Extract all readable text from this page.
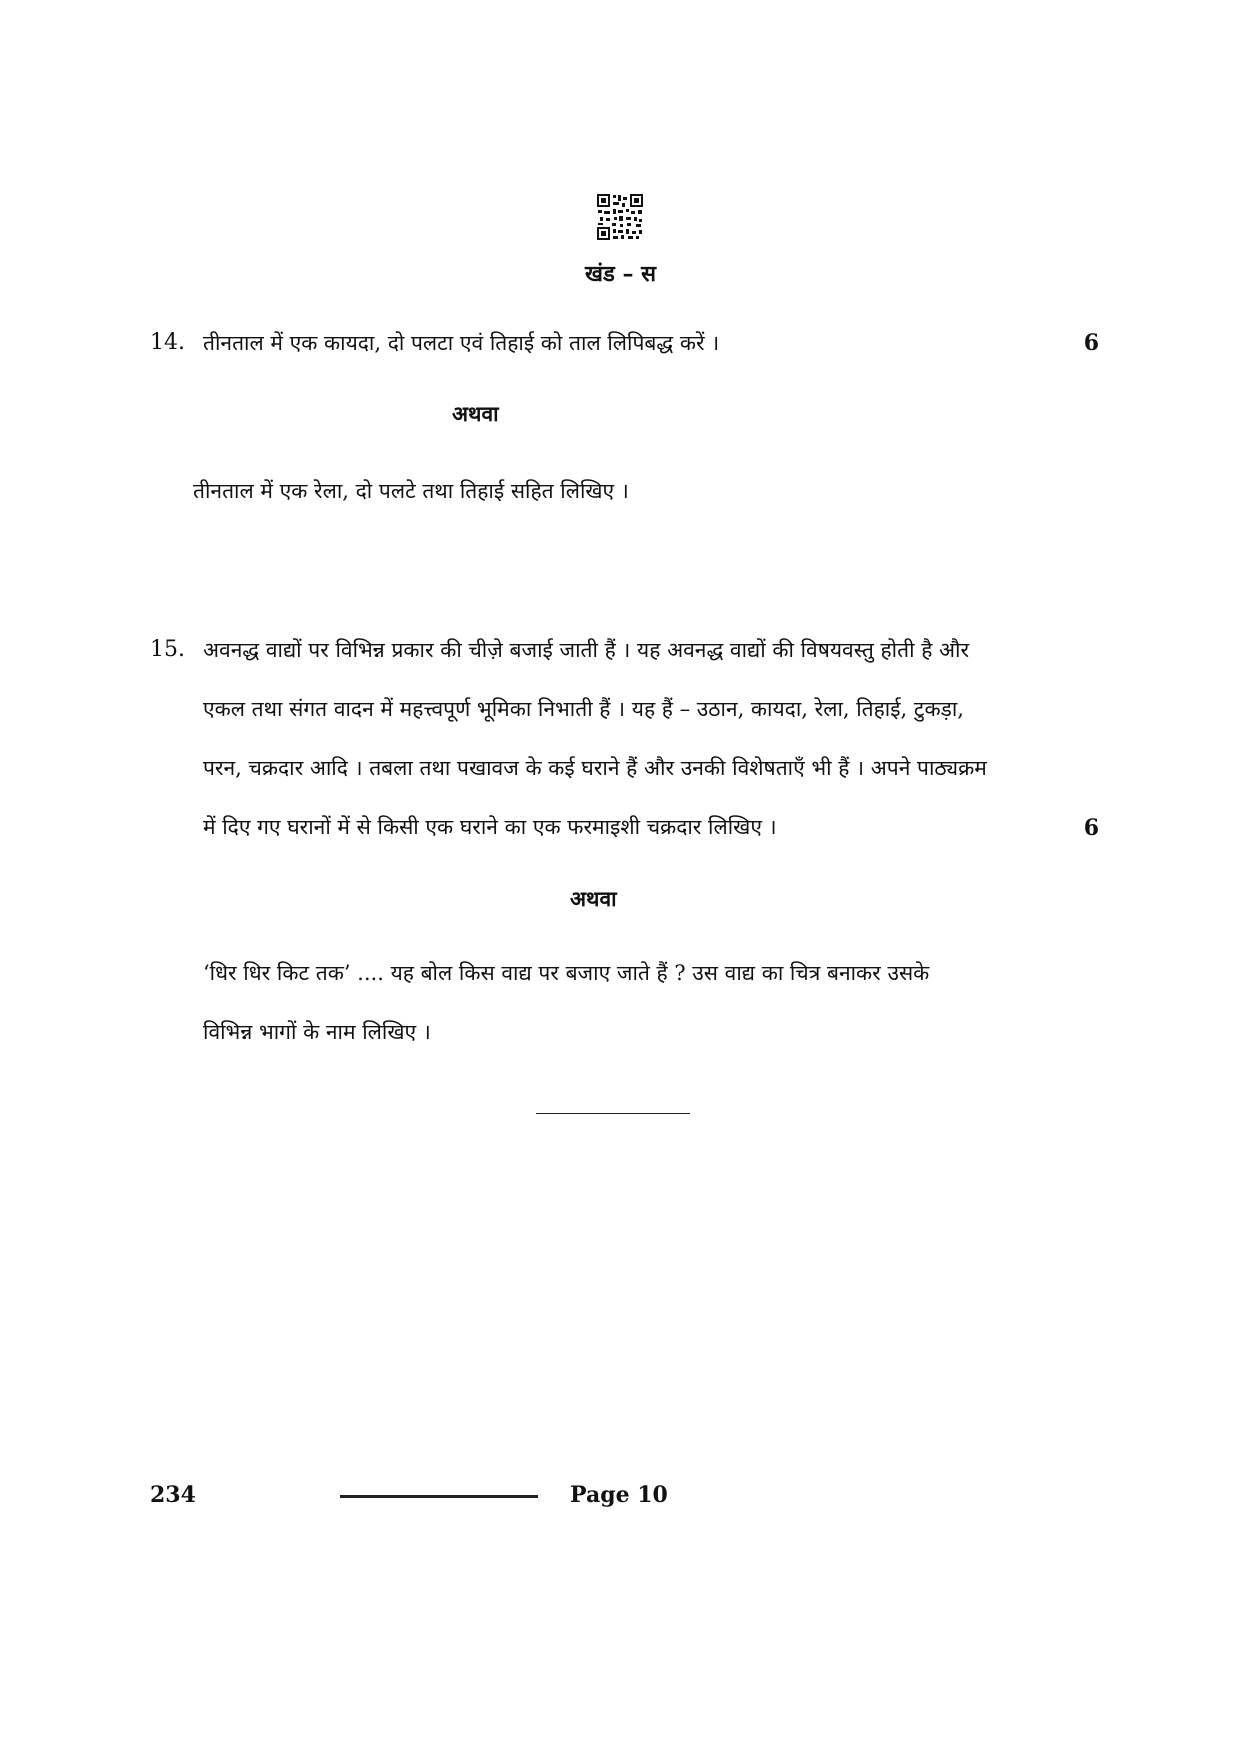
खंड – स
14. तीनताल में एक कायदा, दो पलटा एवं तिहाई को ताल लिपिबद्ध करें ।	6
अथवा
तीनताल में एक रेला, दो पलटे तथा तिहाई सहित लिखिए ।
15. अवनद्ध वाद्यों पर विभिन्न प्रकार की चीज़े बजाई जाती हैं । यह अवनद्ध वाद्यों की विषयवस्तु होती है और
एकल तथा संगत वादन में महत्त्वपूर्ण भूमिका निभाती हैं । यह हैं – उठान, कायदा, रेला, तिहाई, टुकड़ा,
परन, चक्रदार आदि । तबला तथा पखावज के कई घराने हैं और उनकी विशेषताएँ भी हैं । अपने पाठ्यक्रम
में दिए गए घरानों में से किसी एक घराने का एक फरमाइशी चक्रदार लिखिए ।	6
अथवा
‘धिर धिर किट तक’ .... यह बोल किस वाद्य पर बजाए जाते हैं ? उस वाद्य का चित्र बनाकर उसके
विभिन्न भागों के नाम लिखिए ।
234	Page 10
